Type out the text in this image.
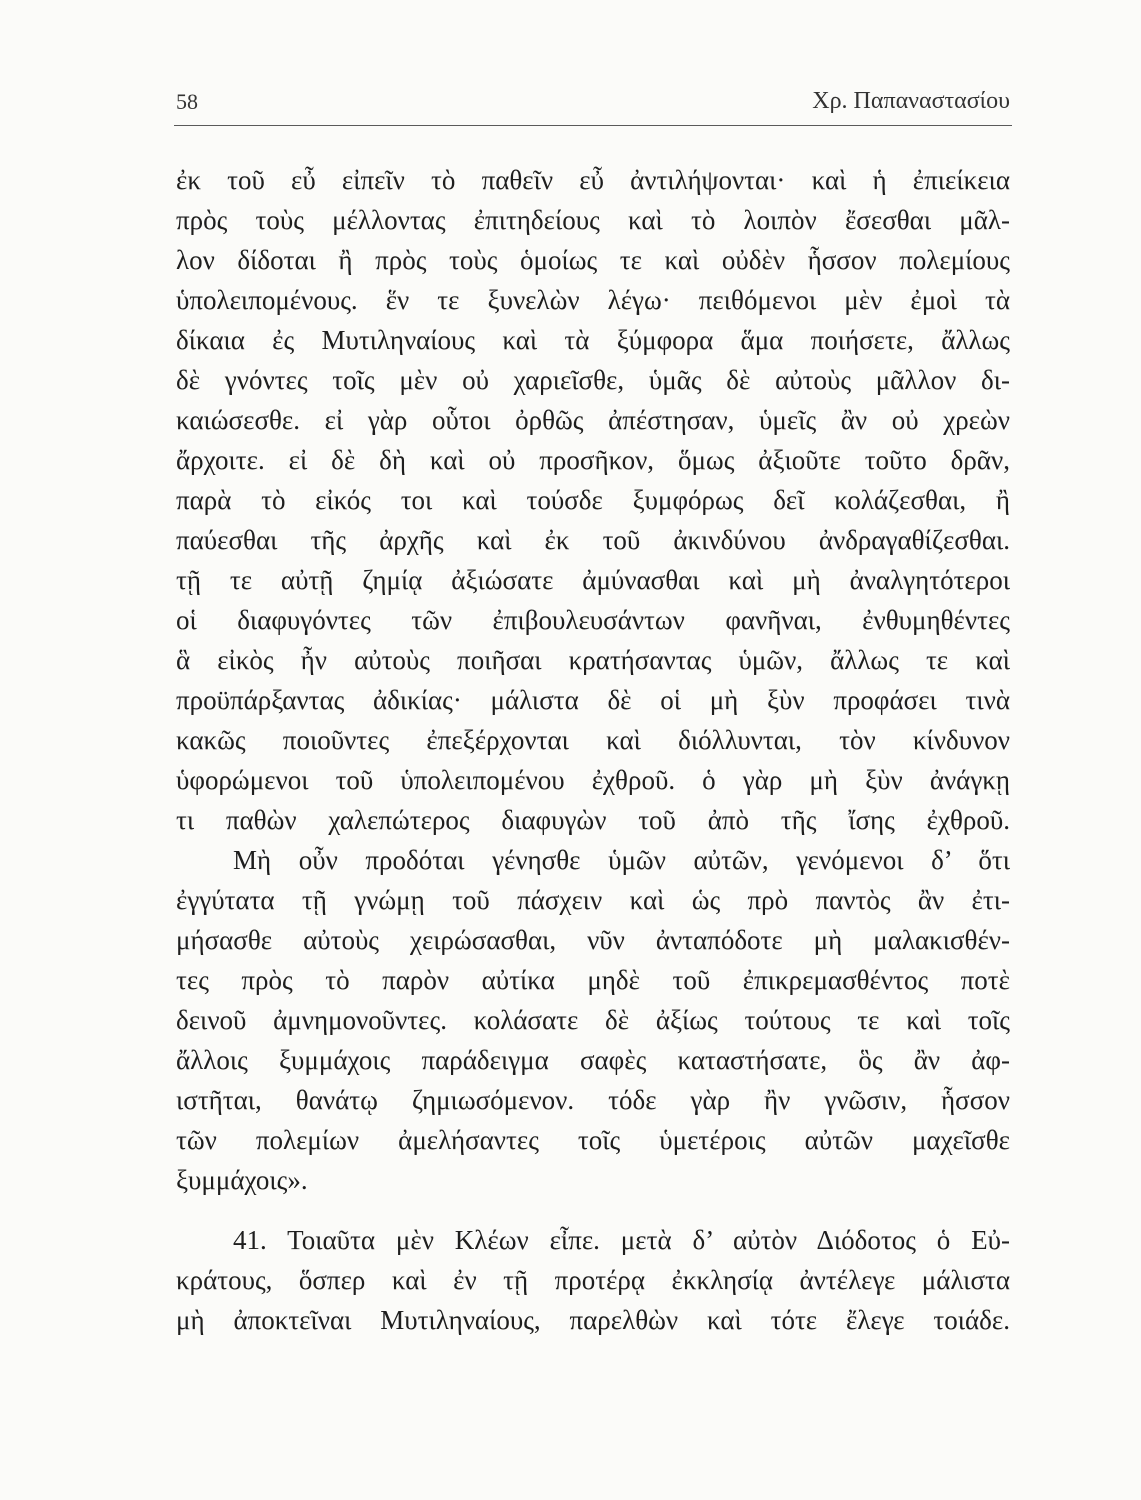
58	Χρ. Παπαναστασίου
ἐκ τοῦ εὖ εἰπεῖν τὸ παθεῖν εὖ ἀντιλήψονται· καὶ ἡ ἐπιείκεια
πρὸς τοὺς μέλλοντας ἐπιτηδείους καὶ τὸ λοιπὸν ἔσεσθαι μᾶλ-
λον δίδοται ἢ πρὸς τοὺς ὁμοίως τε καὶ οὐδὲν ἧσσον πολεμίους
ὑπολειπομένους. ἕν τε ξυνελὼν λέγω· πειθόμενοι μὲν ἐμοὶ τὰ
δίκαια ἐς Μυτιληναίους καὶ τὰ ξύμφορα ἅμα ποιήσετε, ἄλλως
δὲ γνόντες τοῖς μὲν οὐ χαριεῖσθε, ὑμᾶς δὲ αὐτοὺς μᾶλλον δι-
καιώσεσθε. εἰ γὰρ οὗτοι ὀρθῶς ἀπέστησαν, ὑμεῖς ἂν οὐ χρεὼν
ἄρχοιτε. εἰ δὲ δὴ καὶ οὐ προσῆκον, ὅμως ἀξιοῦτε τοῦτο δρᾶν,
παρὰ τὸ εἰκός τοι καὶ τούσδε ξυμφόρως δεῖ κολάζεσθαι, ἢ
παύεσθαι τῆς ἀρχῆς καὶ ἐκ τοῦ ἀκινδύνου ἀνδραγαθίζεσθαι.
τῇ τε αὐτῇ ζημίᾳ ἀξιώσατε ἀμύνασθαι καὶ μὴ ἀναλγητότεροι
οἱ διαφυγόντες τῶν ἐπιβουλευσάντων φανῆναι, ἐνθυμηθέντες
ἃ εἰκὸς ἦν αὐτοὺς ποιῆσαι κρατήσαντας ὑμῶν, ἄλλως τε καὶ
προϋπάρξαντας ἀδικίας· μάλιστα δὲ οἱ μὴ ξὺν προφάσει τινὰ
κακῶς ποιοῦντες ἐπεξέρχονται καὶ διόλλυνται, τὸν κίνδυνον
ὑφορώμενοι τοῦ ὑπολειπομένου ἐχθροῦ. ὁ γὰρ μὴ ξὺν ἀνάγκῃ
τι παθὼν χαλεπώτερος διαφυγὼν τοῦ ἀπὸ τῆς ἴσης ἐχθροῦ.
Μὴ οὖν προδόται γένησθε ὑμῶν αὐτῶν, γενόμενοι δ’ ὅτι
ἐγγύτατα τῇ γνώμῃ τοῦ πάσχειν καὶ ὡς πρὸ παντὸς ἂν ἐτι-
μήσασθε αὐτοὺς χειρώσασθαι, νῦν ἀνταπόδοτε μὴ μαλακισθέν-
τες πρὸς τὸ παρὸν αὐτίκα μηδὲ τοῦ ἐπικρεμασθέντος ποτὲ
δεινοῦ ἀμνημονοῦντες. κολάσατε δὲ ἀξίως τούτους τε καὶ τοῖς
ἄλλοις ξυμμάχοις παράδειγμα σαφὲς καταστήσατε, ὃς ἂν ἀφ-
ιστῆται, θανάτῳ ζημιωσόμενον. τόδε γὰρ ἢν γνῶσιν, ἧσσον
τῶν πολεμίων ἀμελήσαντες τοῖς ὑμετέροις αὐτῶν μαχεῖσθε
ξυμμάχοις».
41. Τοιαῦτα μὲν Κλέων εἶπε. μετὰ δ’ αὐτὸν Διόδοτος ὁ Εὐ-
κράτους, ὅσπερ καὶ ἐν τῇ προτέρᾳ ἐκκλησίᾳ ἀντέλεγε μάλιστα
μὴ ἀποκτεῖναι Μυτιληναίους, παρελθὼν καὶ τότε ἔλεγε τοιάδε.
